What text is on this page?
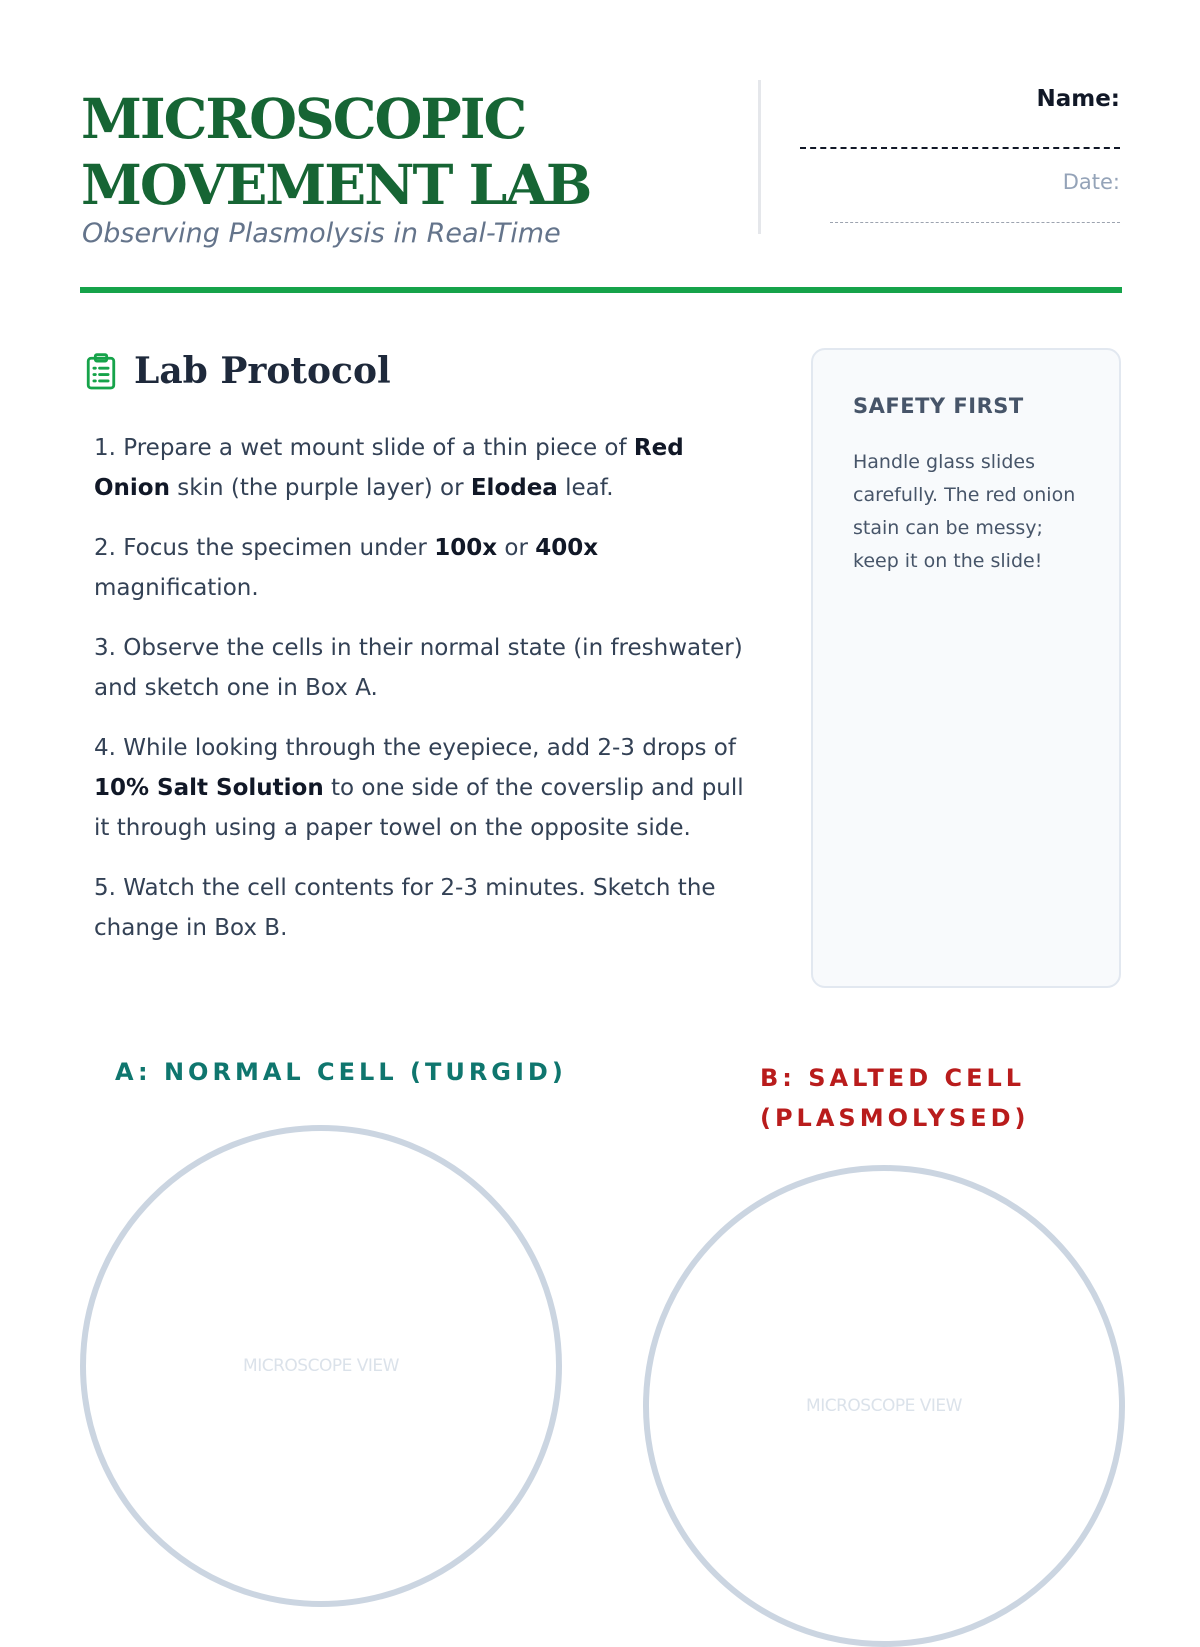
MICROSCOPIC
MOVEMENT LAB
Observing Plasmolysis in Real-Time
Name:
Date:
Lab Protocol

1. Prepare a wet mount slide of a thin piece of Red Onion skin (the purple layer) or Elodea leaf.

2. Focus the specimen under 100x or 400x magnification.

3. Observe the cells in their normal state (in freshwater) and sketch one in Box A.

4. While looking through the eyepiece, add 2-3 drops of 10% Salt Solution to one side of the coverslip and pull it through using a paper towel on the opposite side.

5. Watch the cell contents for 2-3 minutes. Sketch the change in Box B.

SAFETY FIRST
Handle glass slides carefully. The red onion stain can be messy; keep it on the slide!
A: NORMAL CELL (TURGID)	B: SALTED CELL (PLASMOLYSED)
MICROSCOPE VIEW
MICROSCOPE VIEW
